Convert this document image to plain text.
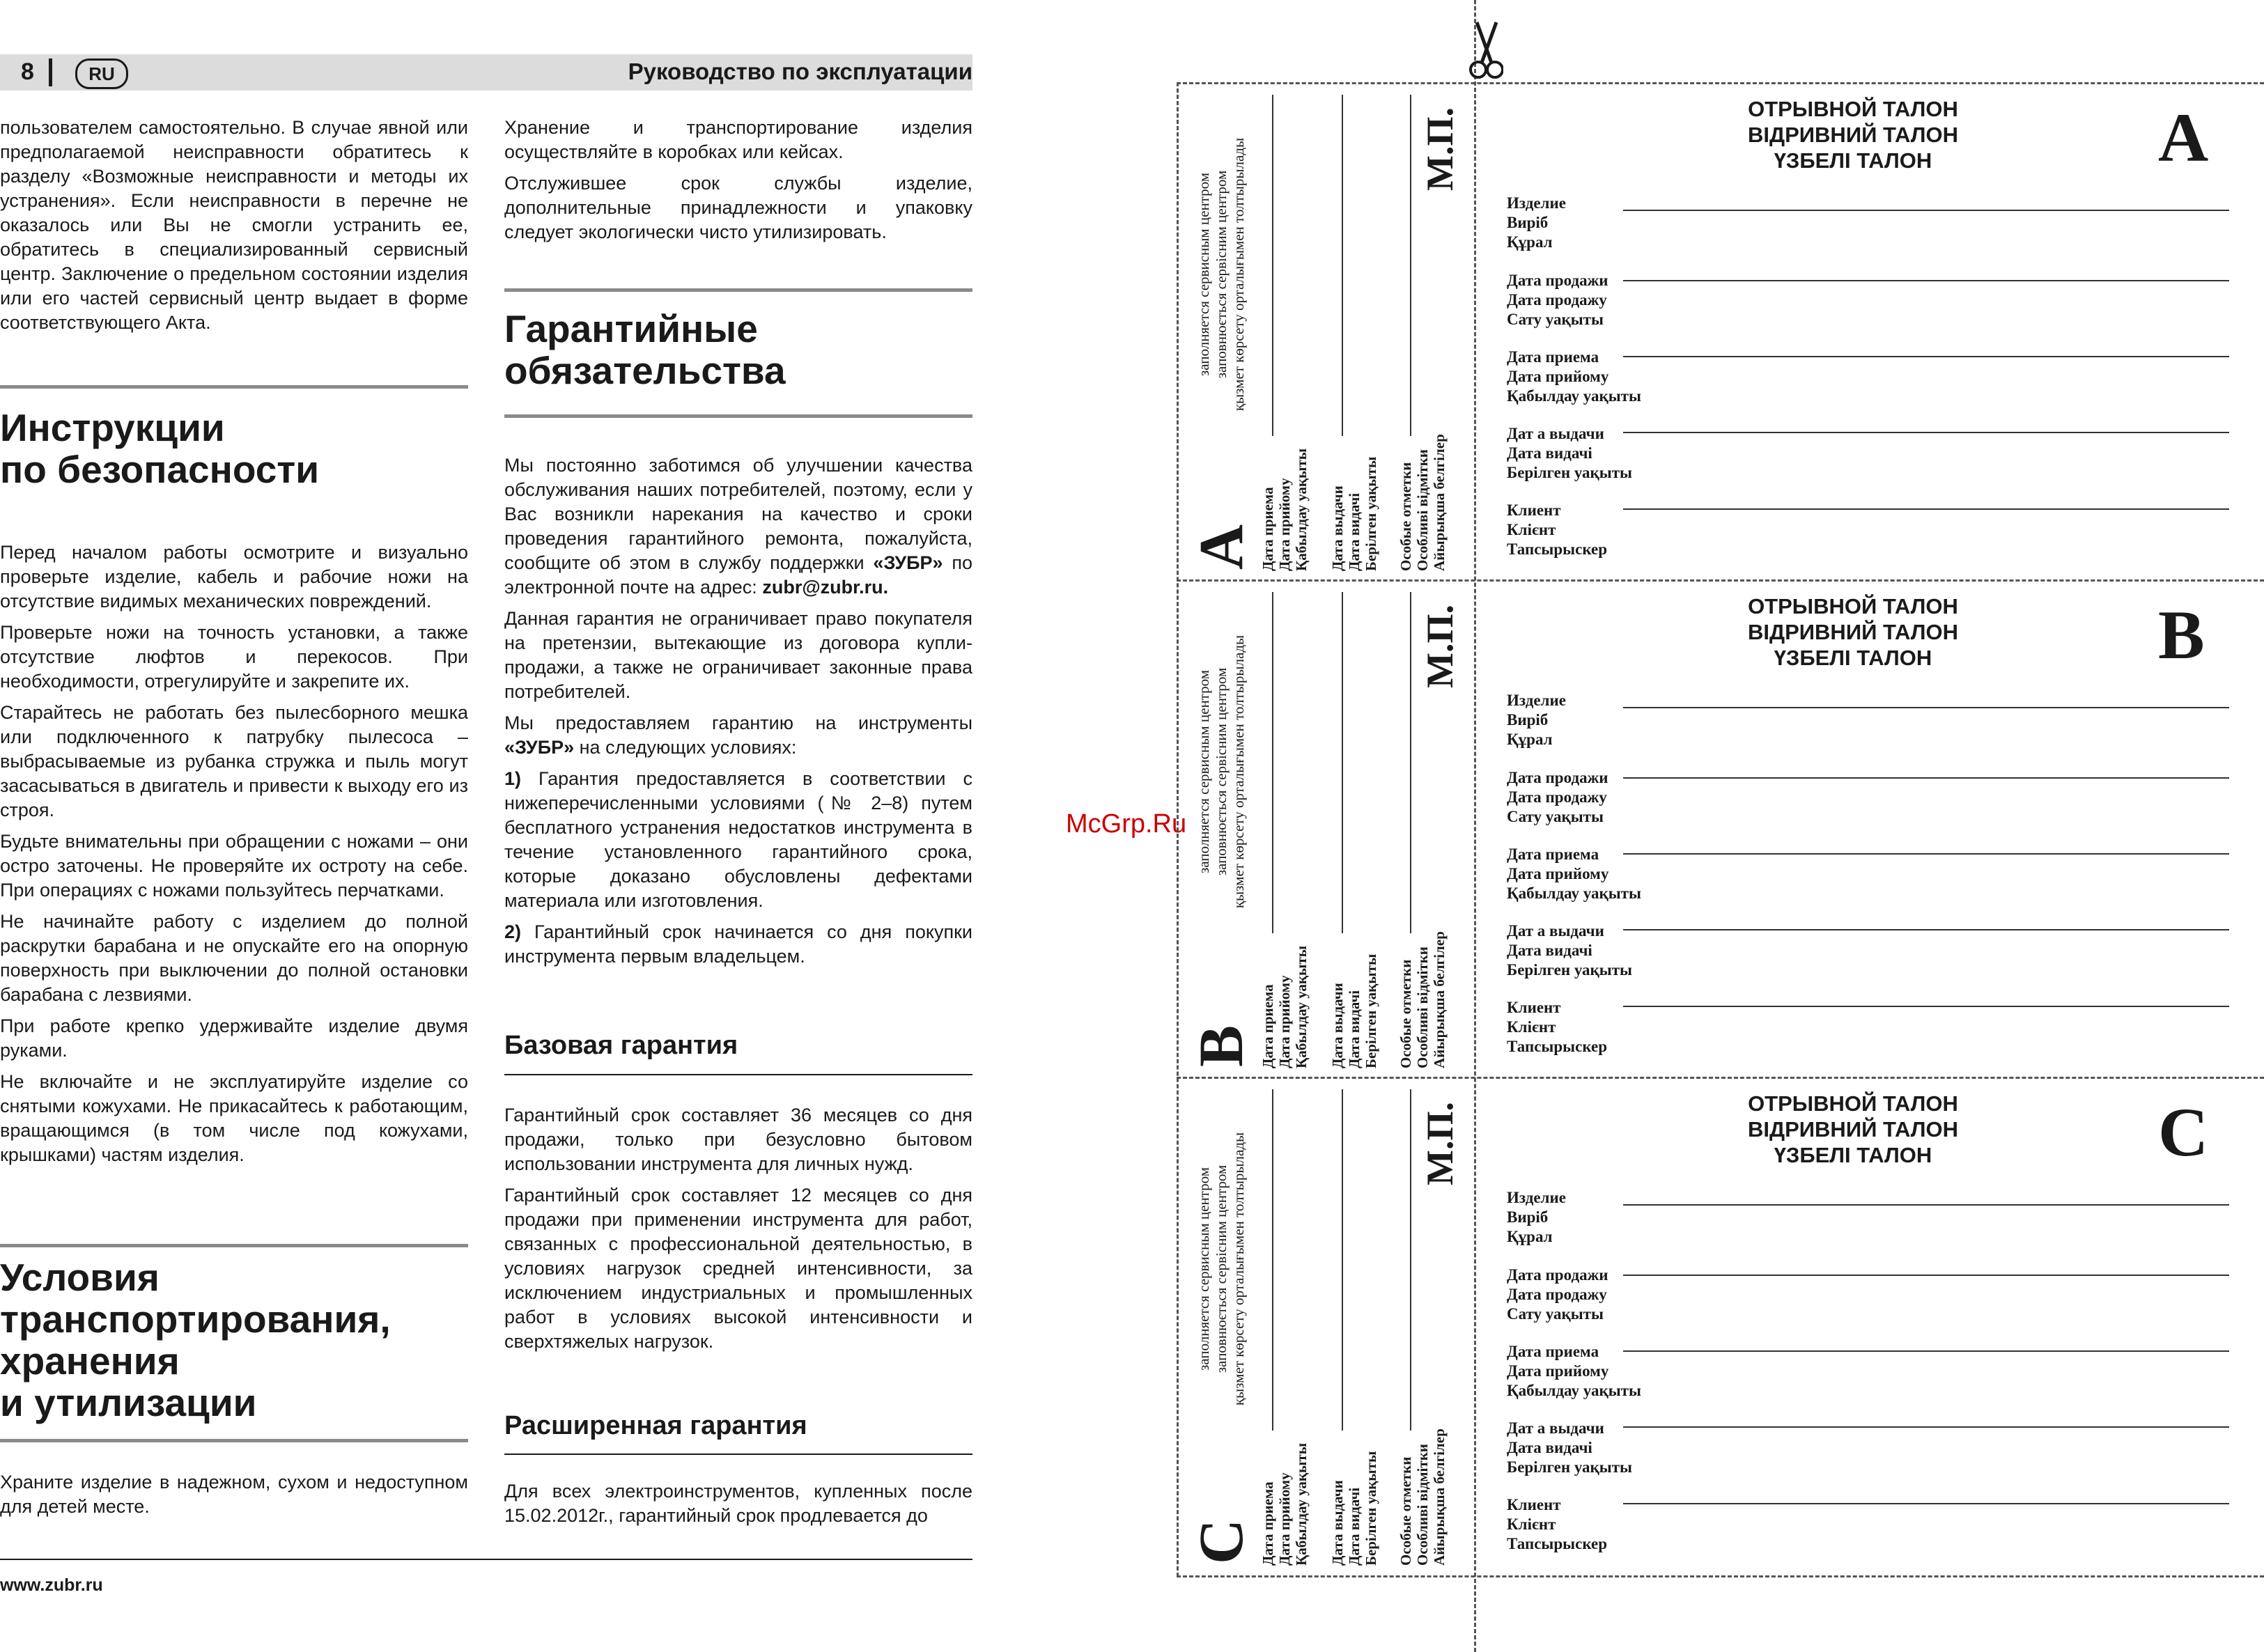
8	RU	Руководство по эксплуатации

пользователем самостоятельно. В случае явной или предполагаемой неисправности обратитесь к разделу «Возможные неисправности и методы их устранения». Если неисправности в перечне не оказалось или Вы не смогли устранить ее, обратитесь в специализированный сервисный центр. Заключение о предельном состоянии изделия или его частей сервисный центр выдает в форме соответствующего Акта.

Инструкции
по безопасности

Перед началом работы осмотрите и визуально проверьте изделие, кабель и рабочие ножи на отсутствие видимых механических повреждений.

Проверьте ножи на точность установки, а также отсутствие люфтов и перекосов. При необходимости, отрегулируйте и закрепите их.

Старайтесь не работать без пылесборного мешка или подключенного к патрубку пылесоса – выбрасываемые из рубанка стружка и пыль могут засасываться в двигатель и привести к выходу его из строя.

Будьте внимательны при обращении с ножами – они остро заточены. Не проверяйте их остроту на себе. При операциях с ножами пользуйтесь перчатками.

Не начинайте работу с изделием до полной раскрутки барабана и не опускайте его на опорную поверхность при выключении до полной остановки барабана с лезвиями.

При работе крепко удерживайте изделие двумя руками.

Не включайте и не эксплуатируйте изделие со снятыми кожухами. Не прикасайтесь к работающим, вращающимся (в том числе под кожухами, крышками) частям изделия.

Условия
транспортирования,
хранения
и утилизации

Храните изделие в надежном, сухом и недоступном для детей месте.

Хранение и транспортирование изделия осуществляйте в коробках или кейсах.

Отслужившее срок службы изделие, дополнительные принадлежности и упаковку следует экологически чисто утилизировать.

Гарантийные
обязательства

Мы постоянно заботимся об улучшении качества обслуживания наших потребителей, поэтому, если у Вас возникли нарекания на качество и сроки проведения гарантийного ремонта, пожалуйста, сообщите об этом в службу поддержки «ЗУБР» по электронной почте на адрес: zubr@zubr.ru.

Данная гарантия не ограничивает право покупателя на претензии, вытекающие из договора купли-продажи, а также не ограничивает законные права потребителей.

Мы предоставляем гарантию на инструменты «ЗУБР» на следующих условиях:

1) Гарантия предоставляется в соответствии с нижеперечисленными условиями (№ 2–8) путем бесплатного устранения недостатков инструмента в течение установленного гарантийного срока, которые доказано обусловлены дефектами материала или изготовления.

2) Гарантийный срок начинается со дня покупки инструмента первым владельцем.

Базовая гарантия

Гарантийный срок составляет 36 месяцев со дня продажи, только при безусловно бытовом использовании инструмента для личных нужд.

Гарантийный срок составляет 12 месяцев со дня продажи при применении инструмента для работ, связанных с профессиональной деятельностью, в условиях нагрузок средней интенсивности, за исключением индустриальных и промышленных работ в условиях высокой интенсивности и сверхтяжелых нагрузок.

Расширенная гарантия

Для всех электроинструментов, купленных после 15.02.2012г., гарантийный срок продлевается до

www.zubr.ru
McGrp.Ru
ОТРЫВНОЙ ТАЛОН
ВІДРИВНИЙ ТАЛОН
ҮЗБЕЛІ ТАЛОН	A
Изделие
Виріб
Құрал
Дата продажи
Дата продажу
Сату уақыты
Дата приема
Дата прийому
Қабылдау уақыты
Дат а выдачи
Дата видачі
Берілген уақыты
Клиент
Клієнт
Тапсырыскер
заполняется сервисным центром заповнюється сервісним центром қызмет көрсету орталығымен толтырылады
A Дата приема Дата прийому Қабылдау уақыты Дата выдачи Дата видачі Берілген уақыты Особые отметки Особливі відмітки Айырықша белгілер
М.П.
ОТРЫВНОЙ ТАЛОН
ВІДРИВНИЙ ТАЛОН
ҮЗБЕЛІ ТАЛОН	B
Изделие
Виріб
Құрал
Дата продажи
Дата продажу
Сату уақыты
Дата приема
Дата прийому
Қабылдау уақыты
Дат а выдачи
Дата видачі
Берілген уақыты
Клиент
Клієнт
Тапсырыскер
заполняется сервисным центром заповнюється сервісним центром қызмет көрсету орталығымен толтырылады
B Дата приема Дата прийому Қабылдау уақыты Дата выдачи Дата видачі Берілген уақыты Особые отметки Особливі відмітки Айырықша белгілер
М.П.
ОТРЫВНОЙ ТАЛОН
ВІДРИВНИЙ ТАЛОН
ҮЗБЕЛІ ТАЛОН	C
Изделие
Виріб
Құрал
Дата продажи
Дата продажу
Сату уақыты
Дата приема
Дата прийому
Қабылдау уақыты
Дат а выдачи
Дата видачі
Берілген уақыты
Клиент
Клієнт
Тапсырыскер
заполняется сервисным центром заповнюється сервісним центром қызмет көрсету орталығымен толтырылады
C Дата приема Дата прийому Қабылдау уақыты Дата выдачи Дата видачі Берілген уақыты Особые отметки Особливі відмітки Айырықша белгілер
М.П.
